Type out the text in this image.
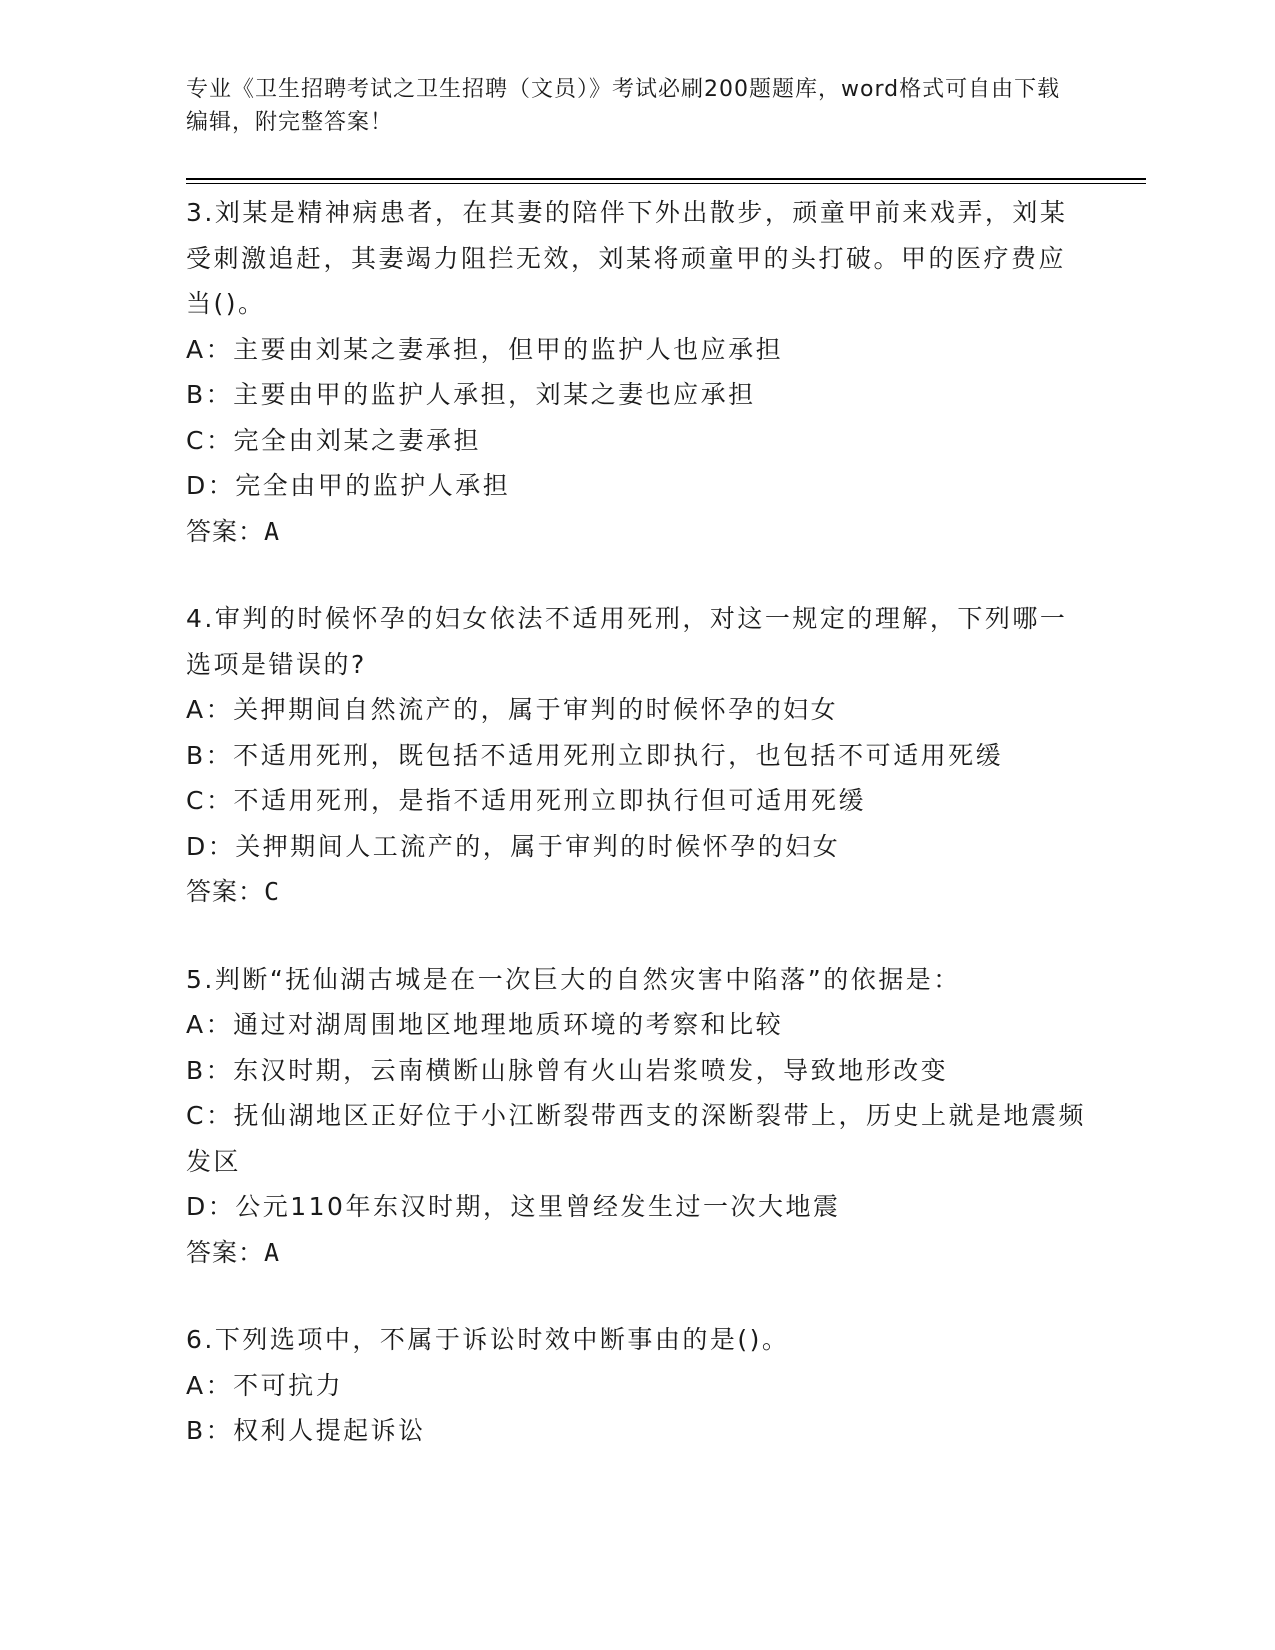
专业《卫生招聘考试之卫生招聘（文员）》考试必刷200题题库，word格式可自由下载编辑，附完整答案！

3.刘某是精神病患者，在其妻的陪伴下外出散步，顽童甲前来戏弄，刘某受刺激追赶，其妻竭力阻拦无效，刘某将顽童甲的头打破。甲的医疗费应当()。

A：主要由刘某之妻承担，但甲的监护人也应承担

B：主要由甲的监护人承担，刘某之妻也应承担

C：完全由刘某之妻承担

D：完全由甲的监护人承担

答案：A

4.审判的时候怀孕的妇女依法不适用死刑，对这一规定的理解，下列哪一选项是错误的?

A：关押期间自然流产的，属于审判的时候怀孕的妇女

B：不适用死刑，既包括不适用死刑立即执行，也包括不可适用死缓

C：不适用死刑，是指不适用死刑立即执行但可适用死缓

D：关押期间人工流产的，属于审判的时候怀孕的妇女

答案：C

5.判断“抚仙湖古城是在一次巨大的自然灾害中陷落”的依据是：

A：通过对湖周围地区地理地质环境的考察和比较

B：东汉时期，云南横断山脉曾有火山岩浆喷发，导致地形改变

C：抚仙湖地区正好位于小江断裂带西支的深断裂带上，历史上就是地震频发区

D：公元110年东汉时期，这里曾经发生过一次大地震

答案：A

6.下列选项中，不属于诉讼时效中断事由的是()。

A：不可抗力

B：权利人提起诉讼
